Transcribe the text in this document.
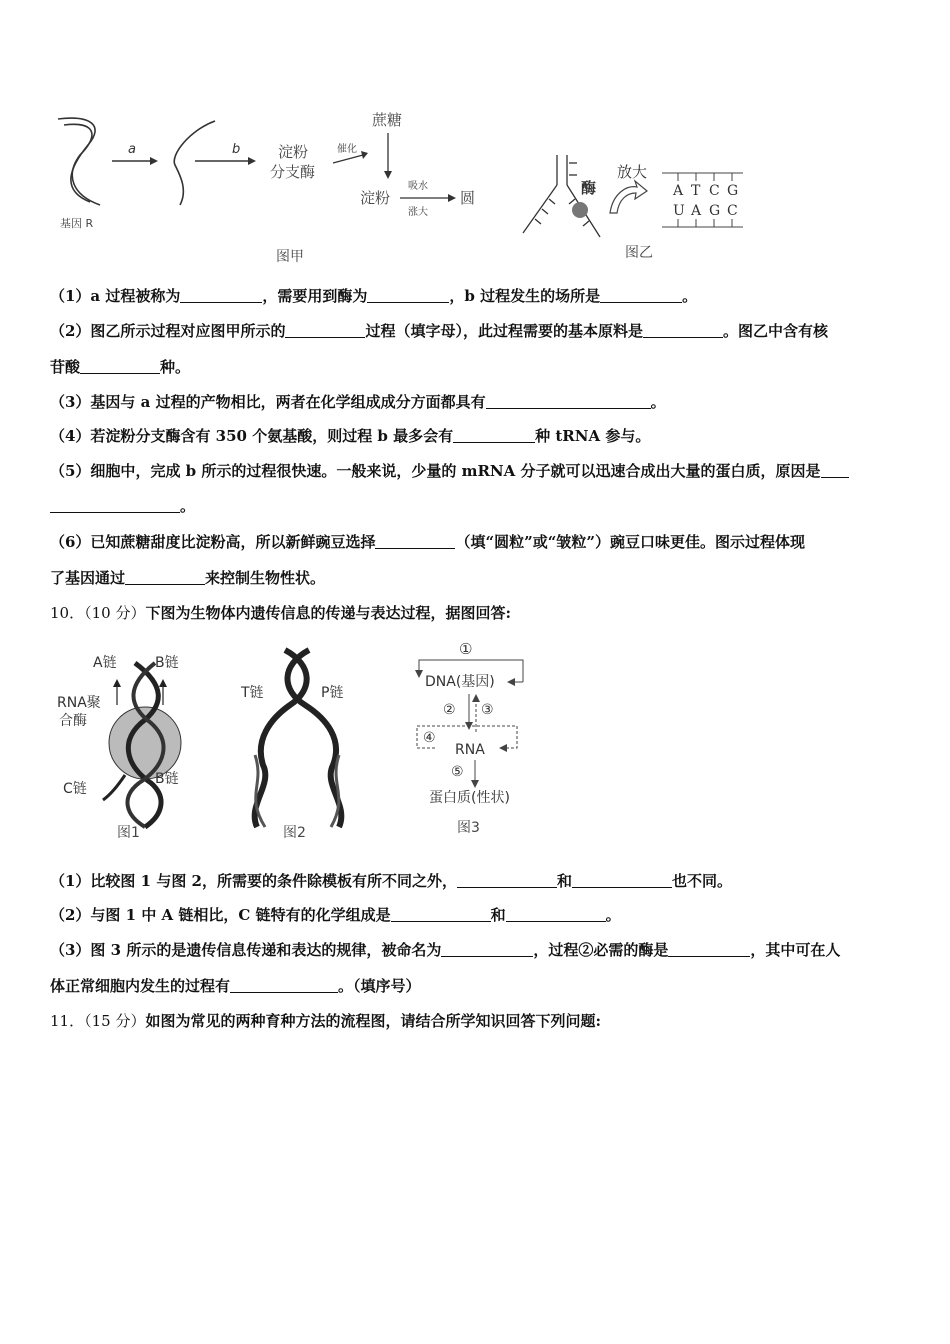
基因 R
a	b	淀粉
分支酶
催化
蔗糖
淀粉
吸水
涨大
圆
图甲
酶
放大
A T C G
U A G C
图乙
（1）a 过程被称为	，需要用到酶为	，b 过程发生的场所是	。
（2）图乙所示过程对应图甲所示的	过程（填字母），此过程需要的基本原料是	。图乙中含有核
苷酸	种。
（3）基因与 a 过程的产物相比，两者在化学组成成分方面都具有	。
（4）若淀粉分支酶含有 350 个氨基酸，则过程 b 最多会有	种 tRNA 参与。
（5）细胞中，完成 b 所示的过程很快速。一般来说，少量的 mRNA 分子就可以迅速合成出大量的蛋白质，原因是
。
（6）已知蔗糖甜度比淀粉高，所以新鲜豌豆选择	（填“圆粒”或“皱粒”）豌豆口味更佳。图示过程体现
了基因通过	来控制生物性状。
10．（10 分）下图为生物体内遗传信息的传递与表达过程，据图回答:
A链	B链
RNA聚
合酶
C链
B链
图1
T链	P链
图2
①
DNA(基因)
② ③
④
RNA
⑤
蛋白质(性状)
图3
（1）比较图 1 与图 2，所需要的条件除模板有所不同之外，	和	也不同。
（2）与图 1 中 A 链相比，C 链特有的化学组成是	和	。
（3）图 3 所示的是遗传信息传递和表达的规律，被命名为	，过程②必需的酶是	，其中可在人
体正常细胞内发生的过程有	。（填序号）
11．（15 分）如图为常见的两种育种方法的流程图，请结合所学知识回答下列问题:
